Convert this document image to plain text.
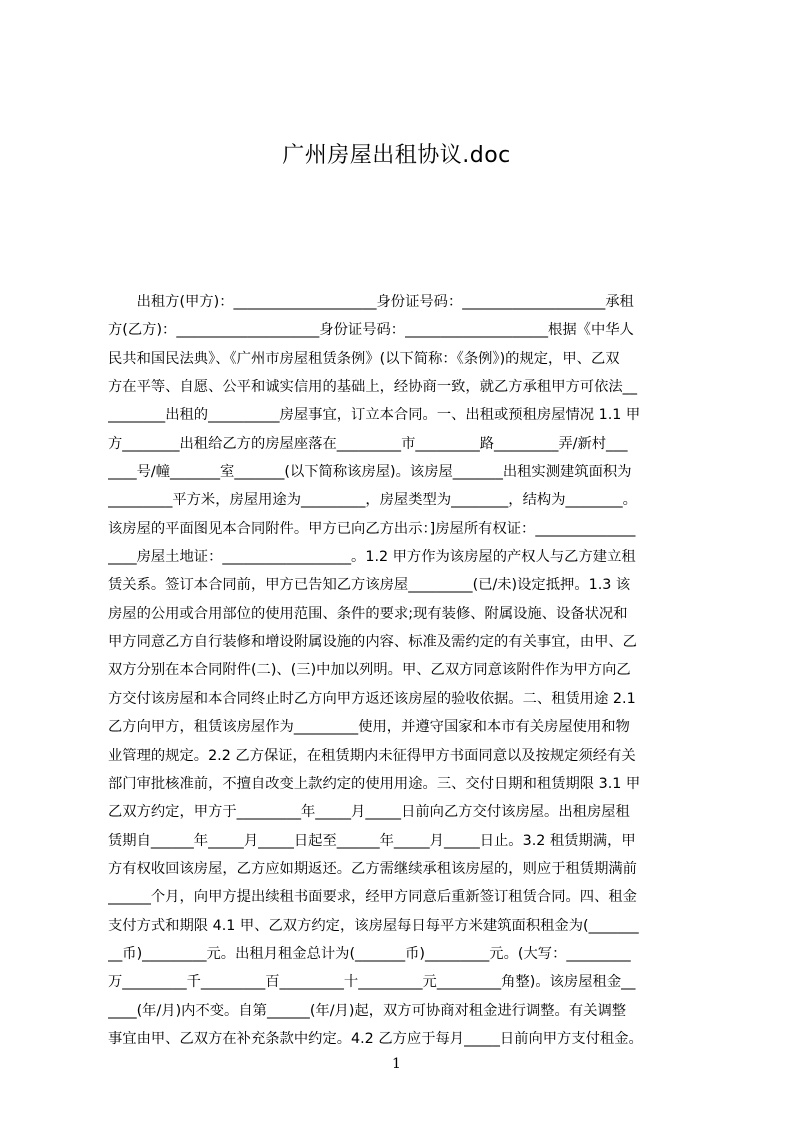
广州房屋出租协议.doc
　　出租方(甲方)：____________________身份证号码：____________________承租
方(乙方)：____________________身份证号码：____________________根据《中华人
民共和国民法典》、《广州市房屋租赁条例》(以下简称：《条例》)的规定，甲、乙双
方在平等、自愿、公平和诚实信用的基础上，经协商一致，就乙方承租甲方可依法__
________出租的__________房屋事宜，订立本合同。一、出租或预租房屋情况 1.1 甲
方________出租给乙方的房屋座落在_________市_________路_________弄/新村___
____号/幢_______室_______(以下简称该房屋)。该房屋_______出租实测建筑面积为
_________平方米，房屋用途为_________，房屋类型为________，结构为________。
该房屋的平面图见本合同附件。甲方已向乙方出示：]房屋所有权证：______________
____房屋土地证：__________________。1.2 甲方作为该房屋的产权人与乙方建立租
赁关系。签订本合同前，甲方已告知乙方该房屋_________(已/未)设定抵押。1.3 该
房屋的公用或合用部位的使用范围、条件的要求;现有装修、附属设施、设备状况和
甲方同意乙方自行装修和增设附属设施的内容、标准及需约定的有关事宜，由甲、乙
双方分别在本合同附件(二)、(三)中加以列明。甲、乙双方同意该附件作为甲方向乙
方交付该房屋和本合同终止时乙方向甲方返还该房屋的验收依据。二、租赁用途 2.1
乙方向甲方，租赁该房屋作为_________使用，并遵守国家和本市有关房屋使用和物
业管理的规定。2.2 乙方保证，在租赁期内未征得甲方书面同意以及按规定须经有关
部门审批核准前，不擅自改变上款约定的使用用途。三、交付日期和租赁期限 3.1 甲
乙双方约定，甲方于_________年_____月_____日前向乙方交付该房屋。出租房屋租
赁期自______年_____月_____日起至______年_____月_____日止。3.2 租赁期满，甲
方有权收回该房屋，乙方应如期返还。乙方需继续承租该房屋的，则应于租赁期满前
______个月，向甲方提出续租书面要求，经甲方同意后重新签订租赁合同。四、租金
支付方式和期限 4.1 甲、乙双方约定，该房屋每日每平方米建筑面积租金为(_______
__币)_________元。出租月租金总计为(_______币)_________元。(大写：_________
万_________千_________百_________十_________元_________角整)。该房屋租金__
____(年/月)内不变。自第______(年/月)起，双方可协商对租金进行调整。有关调整
事宜由甲、乙双方在补充条款中约定。4.2 乙方应于每月_____日前向甲方支付租金。
1
